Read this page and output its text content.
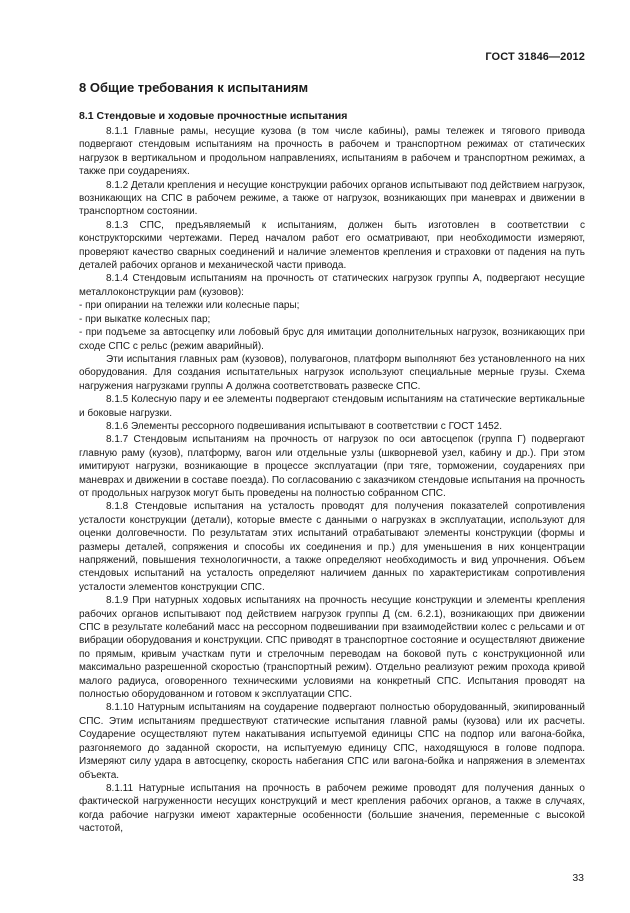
ГОСТ 31846—2012
8 Общие требования к испытаниям
8.1 Стендовые и ходовые прочностные испытания

8.1.1 Главные рамы, несущие кузова (в том числе кабины), рамы тележек и тягового привода подвергают стендовым испытаниям на прочность в рабочем и транспортном режимах от статических нагрузок в вертикальном и продольном направлениях, испытаниям в рабочем и транспортном режимах, а также при соударениях.

8.1.2 Детали крепления и несущие конструкции рабочих органов испытывают под действием нагрузок, возникающих на СПС в рабочем режиме, а также от нагрузок, возникающих при маневрах и движении в транспортном состоянии.

8.1.3 СПС, предъявляемый к испытаниям, должен быть изготовлен в соответствии с конструкторскими чертежами. Перед началом работ его осматривают, при необходимости измеряют, проверяют качество сварных соединений и наличие элементов крепления и страховки от падения на путь деталей рабочих органов и механической части привода.

8.1.4 Стендовым испытаниям на прочность от статических нагрузок группы А, подвергают несущие металлоконструкции рам (кузовов):

- при опирании на тележки или колесные пары;

- при выкатке колесных пар;

- при подъеме за автосцепку или лобовый брус для имитации дополнительных нагрузок, возникающих при сходе СПС с рельс (режим аварийный).

Эти испытания главных рам (кузовов), полувагонов, платформ выполняют без установленного на них оборудования. Для создания испытательных нагрузок используют специальные мерные грузы. Схема нагружения нагрузками группы А должна соответствовать развеске СПС.

8.1.5 Колесную пару и ее элементы подвергают стендовым испытаниям на статические вертикальные и боковые нагрузки.

8.1.6 Элементы рессорного подвешивания испытывают в соответствии с ГОСТ 1452.

8.1.7 Стендовым испытаниям на прочность от нагрузок по оси автосцепок (группа Г) подвергают главную раму (кузов), платформу, вагон или отдельные узлы (шкворневой узел, кабину и др.). При этом имитируют нагрузки, возникающие в процессе эксплуатации (при тяге, торможении, соударениях при маневрах и движении в составе поезда). По согласованию с заказчиком стендовые испытания на прочность от продольных нагрузок могут быть проведены на полностью собранном СПС.

8.1.8 Стендовые испытания на усталость проводят для получения показателей сопротивления усталости конструкции (детали), которые вместе с данными о нагрузках в эксплуатации, используют для оценки долговечности. По результатам этих испытаний отрабатывают элементы конструкции (формы и размеры деталей, сопряжения и способы их соединения и пр.) для уменьшения в них концентрации напряжений, повышения технологичности, а также определяют необходимость и вид упрочнения. Объем стендовых испытаний на усталость определяют наличием данных по характеристикам сопротивления усталости элементов конструкции СПС.

8.1.9 При натурных ходовых испытаниях на прочность несущие конструкции и элементы крепления рабочих органов испытывают под действием нагрузок группы Д (см. 6.2.1), возникающих при движении СПС в результате колебаний масс на рессорном подвешивании при взаимодействии колес с рельсами и от вибрации оборудования и конструкции. СПС приводят в транспортное состояние и осуществляют движение по прямым, кривым участкам пути и стрелочным переводам на боковой путь с конструкционной или максимально разрешенной скоростью (транспортный режим). Отдельно реализуют режим прохода кривой малого радиуса, оговоренного техническими условиями на конкретный СПС. Испытания проводят на полностью оборудованном и готовом к эксплуатации СПС.

8.1.10 Натурным испытаниям на соударение подвергают полностью оборудованный, экипированный СПС. Этим испытаниям предшествуют статические испытания главной рамы (кузова) или их расчеты. Соударение осуществляют путем накатывания испытуемой единицы СПС на подпор или вагона-бойка, разгоняемого до заданной скорости, на испытуемую единицу СПС, находящуюся в голове подпора. Измеряют силу удара в автосцепку, скорость набегания СПС или вагона-бойка и напряжения в элементах объекта.

8.1.11 Натурные испытания на прочность в рабочем режиме проводят для получения данных о фактической нагруженности несущих конструкций и мест крепления рабочих органов, а также в случаях, когда рабочие нагрузки имеют характерные особенности (большие значения, переменные с высокой частотой,

33
